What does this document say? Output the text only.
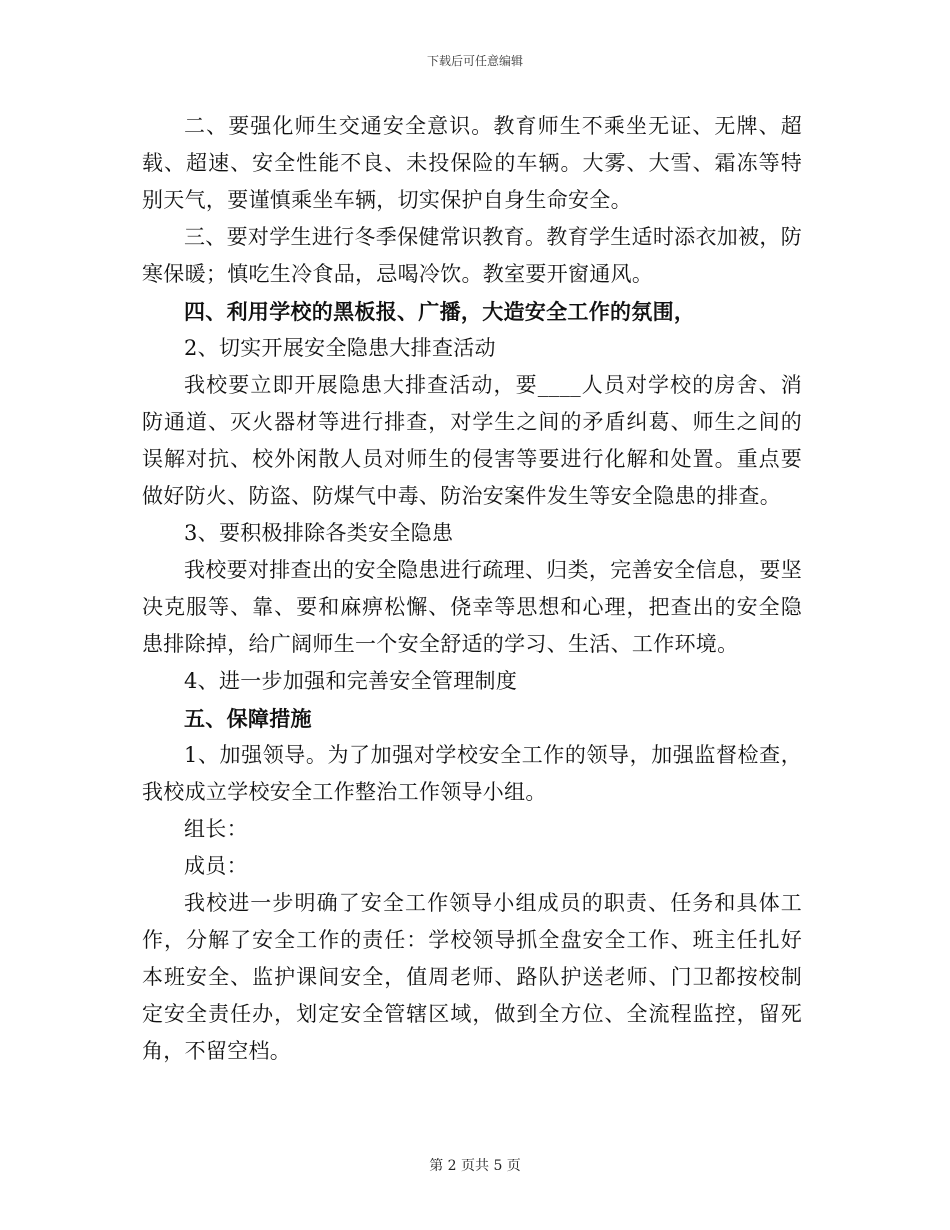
下载后可任意编辑

二、要强化师生交通安全意识。教育师生不乘坐无证、无牌、超载、超速、安全性能不良、未投保险的车辆。大雾、大雪、霜冻等特别天气，要谨慎乘坐车辆，切实保护自身生命安全。

三、要对学生进行冬季保健常识教育。教育学生适时添衣加被，防寒保暖；慎吃生冷食品，忌喝冷饮。教室要开窗通风。

四、利用学校的黑板报、广播，大造安全工作的氛围，

2、切实开展安全隐患大排查活动

我校要立即开展隐患大排查活动，要____人员对学校的房舍、消防通道、灭火器材等进行排查，对学生之间的矛盾纠葛、师生之间的误解对抗、校外闲散人员对师生的侵害等要进行化解和处置。重点要做好防火、防盗、防煤气中毒、防治安案件发生等安全隐患的排查。

3、要积极排除各类安全隐患

我校要对排查出的安全隐患进行疏理、归类，完善安全信息，要坚决克服等、靠、要和麻痹松懈、侥幸等思想和心理，把查出的安全隐患排除掉，给广阔师生一个安全舒适的学习、生活、工作环境。

4、进一步加强和完善安全管理制度

五、保障措施

1、加强领导。为了加强对学校安全工作的领导，加强监督检查，我校成立学校安全工作整治工作领导小组。

组长：

成员：

我校进一步明确了安全工作领导小组成员的职责、任务和具体工作，分解了安全工作的责任：学校领导抓全盘安全工作、班主任扎好本班安全、监护课间安全，值周老师、路队护送老师、门卫都按校制定安全责任办，划定安全管辖区域，做到全方位、全流程监控，留死角，不留空档。

第 2 页共 5 页
